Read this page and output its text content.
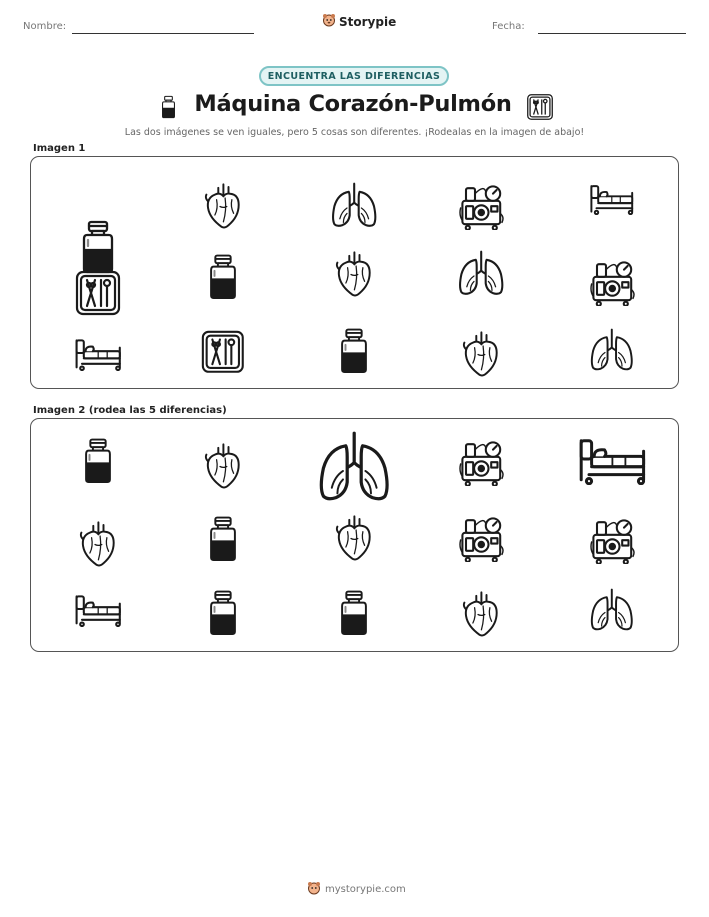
Nombre:	Storypie	Fecha:
ENCUENTRA LAS DIFERENCIAS
Máquina Corazón-Pulmón
Las dos imágenes se ven iguales, pero 5 cosas son diferentes. ¡Rodealas en la imagen de abajo!
Imagen 1
Imagen 2 (rodea las 5 diferencias)
mystorypie.com
